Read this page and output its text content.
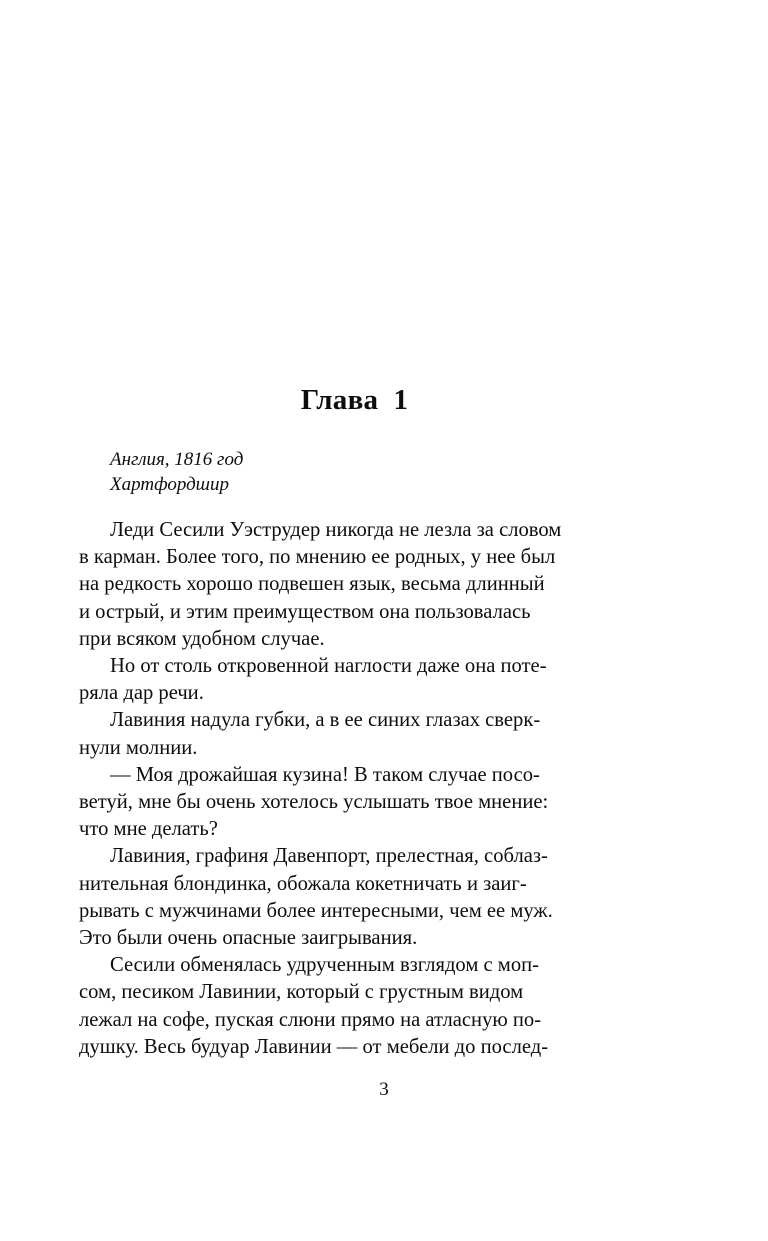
Глава  1
Англия, 1816 год
Хартфордшир

Леди Сесили Уэструдер никогда не лезла за словом
в карман. Более того, по мнению ее родных, у нее был
на редкость хорошо подвешен язык, весьма длинный
и острый, и этим преимуществом она пользовалась
при всяком удобном случае.

Но от столь откровенной наглости даже она поте-
ряла дар речи.

Лавиния надула губки, а в ее синих глазах сверк-
нули молнии.

— Моя дрожайшая кузина! В таком случае посо-
ветуй, мне бы очень хотелось услышать твое мнение:
что мне делать?

Лавиния, графиня Давенпорт, прелестная, соблаз-
нительная блондинка, обожала кокетничать и заиг-
рывать с мужчинами более интересными, чем ее муж.
Это были очень опасные заигрывания.

Сесили обменялась удрученным взглядом с моп-
сом, песиком Лавинии, который с грустным видом
лежал на софе, пуская слюни прямо на атласную по-
душку. Весь будуар Лавинии — от мебели до послед-

3
